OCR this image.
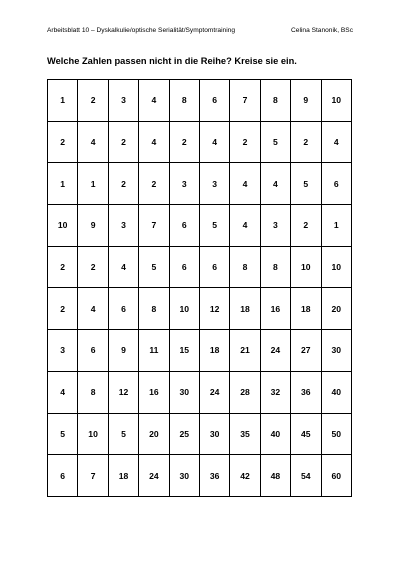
Arbeitsblatt 10 – Dyskalkulie/optische Serialität/Symptomtraining	Celina Stanonik, BSc
Welche Zahlen passen nicht in die Reihe? Kreise sie ein.
1	2	3	4	8	6	7	8	9	10
2	4	2	4	2	4	2	5	2	4
1	1	2	2	3	3	4	4	5	6
10	9	3	7	6	5	4	3	2	1
2	2	4	5	6	6	8	8	10	10
2	4	6	8	10	12	18	16	18	20
3	6	9	11	15	18	21	24	27	30
4	8	12	16	30	24	28	32	36	40
5	10	5	20	25	30	35	40	45	50
6	7	18	24	30	36	42	48	54	60
